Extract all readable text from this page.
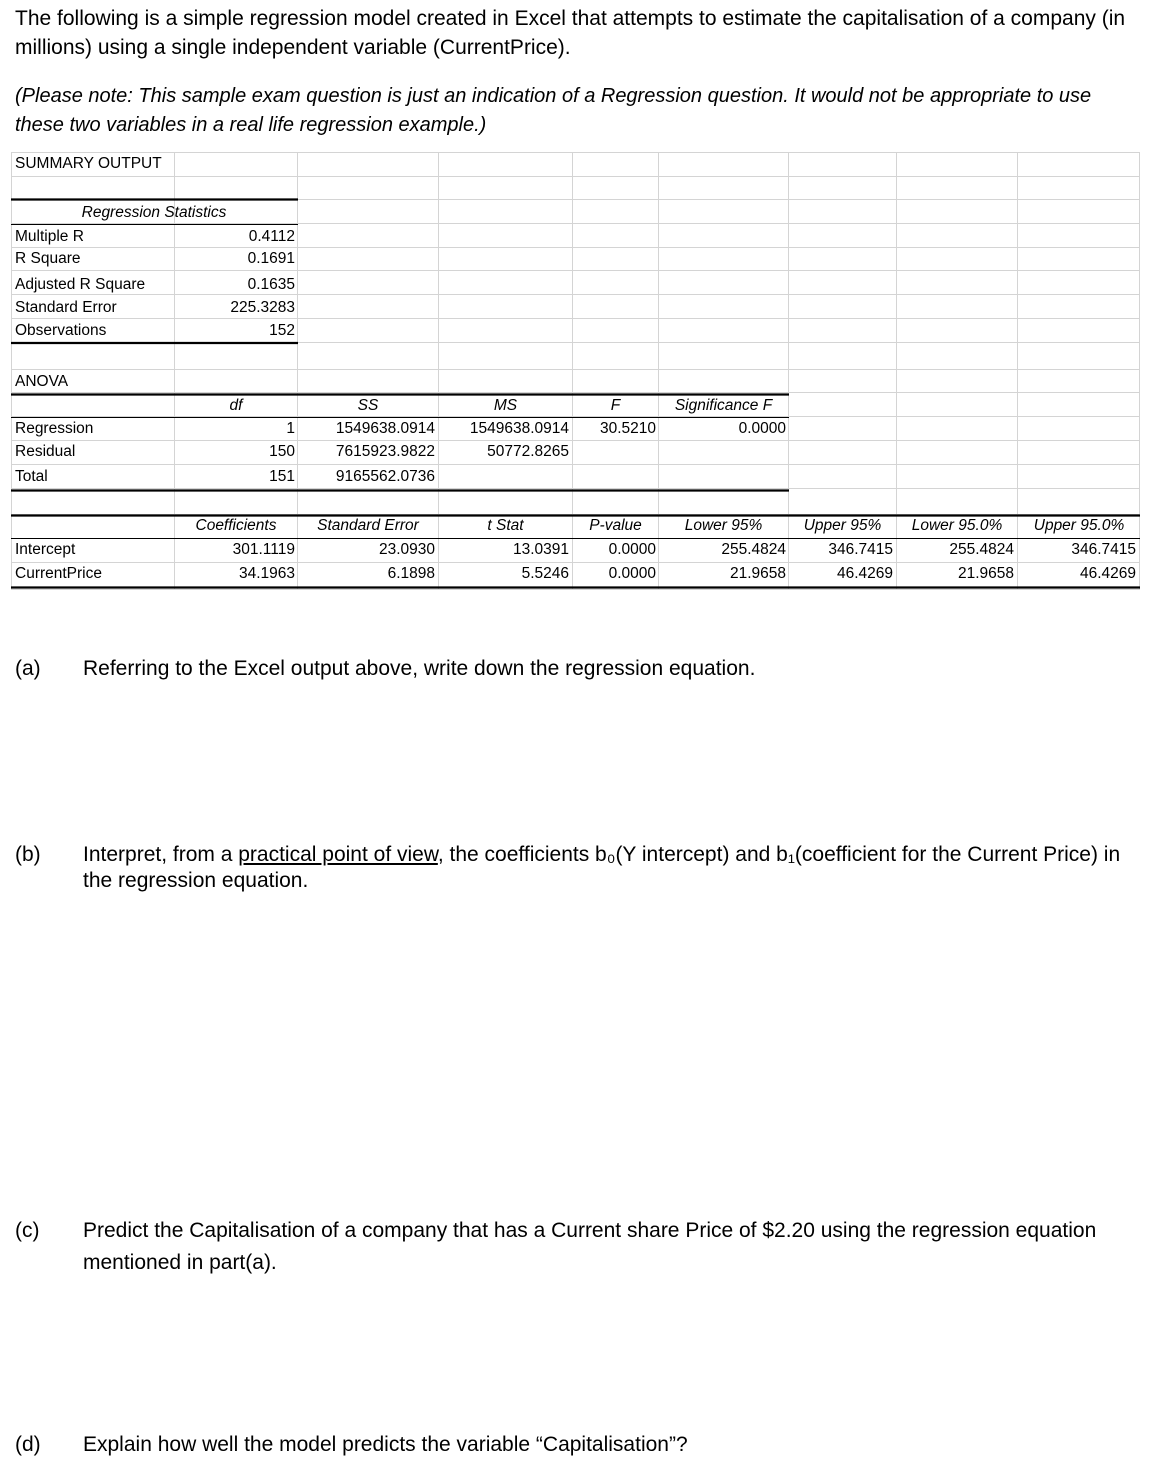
The following is a simple regression model created in Excel that attempts to estimate the capitalisation of a company (in millions) using a single independent variable (CurrentPrice).
(Please note: This sample exam question is just an indication of a Regression question. It would not be appropriate to use these two variables in a real life regression example.)
SUMMARY OUTPUT
Regression Statistics
Multiple R	0.4112
R Square	0.1691
Adjusted R Square	0.1635
Standard Error	225.3283
Observations	152
ANOVA
df	SS	MS	F	Significance F
Regression	1	1549638.0914	1549638.0914	30.5210	0.0000
Residual	150	7615923.9822	50772.8265
Total	151	9165562.0736
Coefficients	Standard Error	t Stat	P-value	Lower 95%	Upper 95%	Lower 95.0%	Upper 95.0%
Intercept	301.1119	23.0930	13.0391	0.0000	255.4824	346.7415	255.4824	346.7415
CurrentPrice	34.1963	6.1898	5.5246	0.0000	21.9658	46.4269	21.9658	46.4269
(a) Referring to the Excel output above, write down the regression equation.
(b) Interpret, from a practical point of view, the coefficients b₀(Y intercept) and b₁(coefficient for the Current Price) in the regression equation.
(c) Predict the Capitalisation of a company that has a Current share Price of $2.20 using the regression equation mentioned in part(a).
(d) Explain how well the model predicts the variable “Capitalisation”?
